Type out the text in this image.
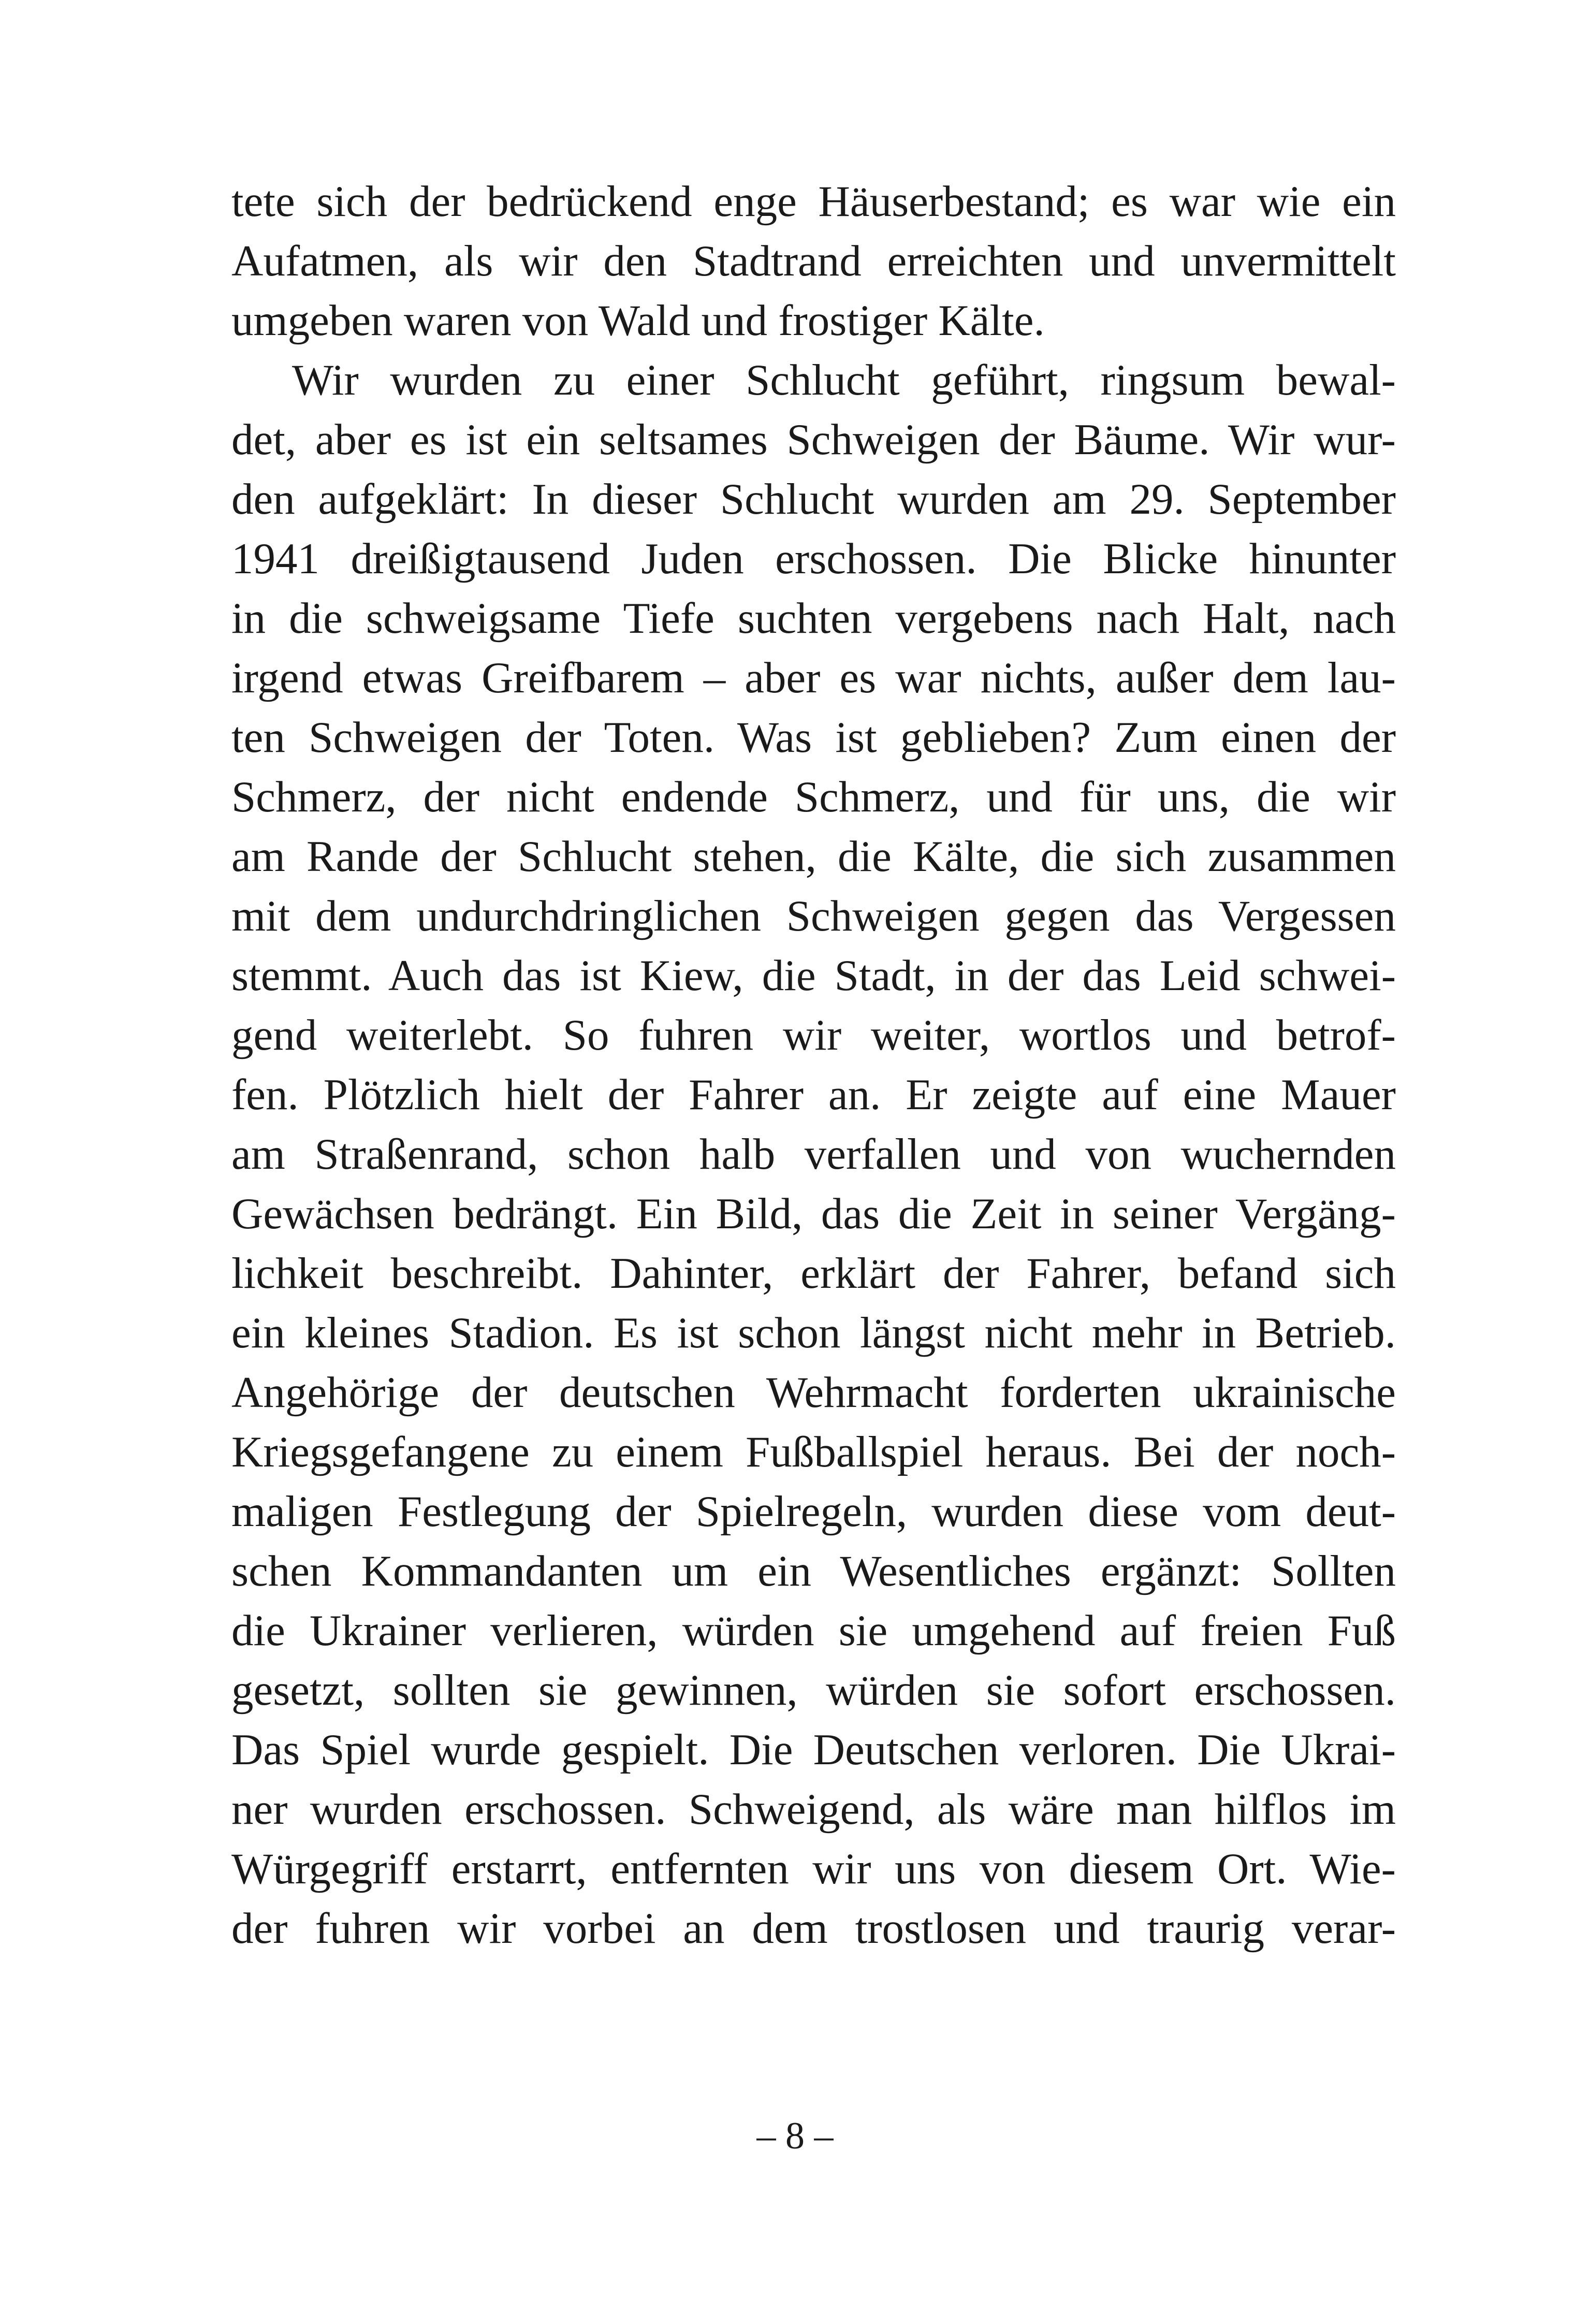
tete sich der bedrückend enge Häuserbestand; es war wie ein
Aufatmen, als wir den Stadtrand erreichten und unvermittelt
umgeben waren von Wald und frostiger Kälte.
Wir wurden zu einer Schlucht geführt, ringsum bewal-
det, aber es ist ein seltsames Schweigen der Bäume. Wir wur-
den aufgeklärt: In dieser Schlucht wurden am 29. September
1941 dreißigtausend Juden erschossen. Die Blicke hinunter
in die schweigsame Tiefe suchten vergebens nach Halt, nach
irgend etwas Greifbarem – aber es war nichts, außer dem lau-
ten Schweigen der Toten. Was ist geblieben? Zum einen der
Schmerz, der nicht endende Schmerz, und für uns, die wir
am Rande der Schlucht stehen, die Kälte, die sich zusammen
mit dem undurchdringlichen Schweigen gegen das Vergessen
stemmt. Auch das ist Kiew, die Stadt, in der das Leid schwei-
gend weiterlebt. So fuhren wir weiter, wortlos und betrof-
fen. Plötzlich hielt der Fahrer an. Er zeigte auf eine Mauer
am Straßenrand, schon halb verfallen und von wuchernden
Gewächsen bedrängt. Ein Bild, das die Zeit in seiner Vergäng-
lichkeit beschreibt. Dahinter, erklärt der Fahrer, befand sich
ein kleines Stadion. Es ist schon längst nicht mehr in Betrieb.
Angehörige der deutschen Wehrmacht forderten ukrainische
Kriegsgefangene zu einem Fußballspiel heraus. Bei der noch-
maligen Festlegung der Spielregeln, wurden diese vom deut-
schen Kommandanten um ein Wesentliches ergänzt: Sollten
die Ukrainer verlieren, würden sie umgehend auf freien Fuß
gesetzt, sollten sie gewinnen, würden sie sofort erschossen.
Das Spiel wurde gespielt. Die Deutschen verloren. Die Ukrai-
ner wurden erschossen. Schweigend, als wäre man hilflos im
Würgegriff erstarrt, entfernten wir uns von diesem Ort. Wie-
der fuhren wir vorbei an dem trostlosen und traurig verar-
– 8 –
